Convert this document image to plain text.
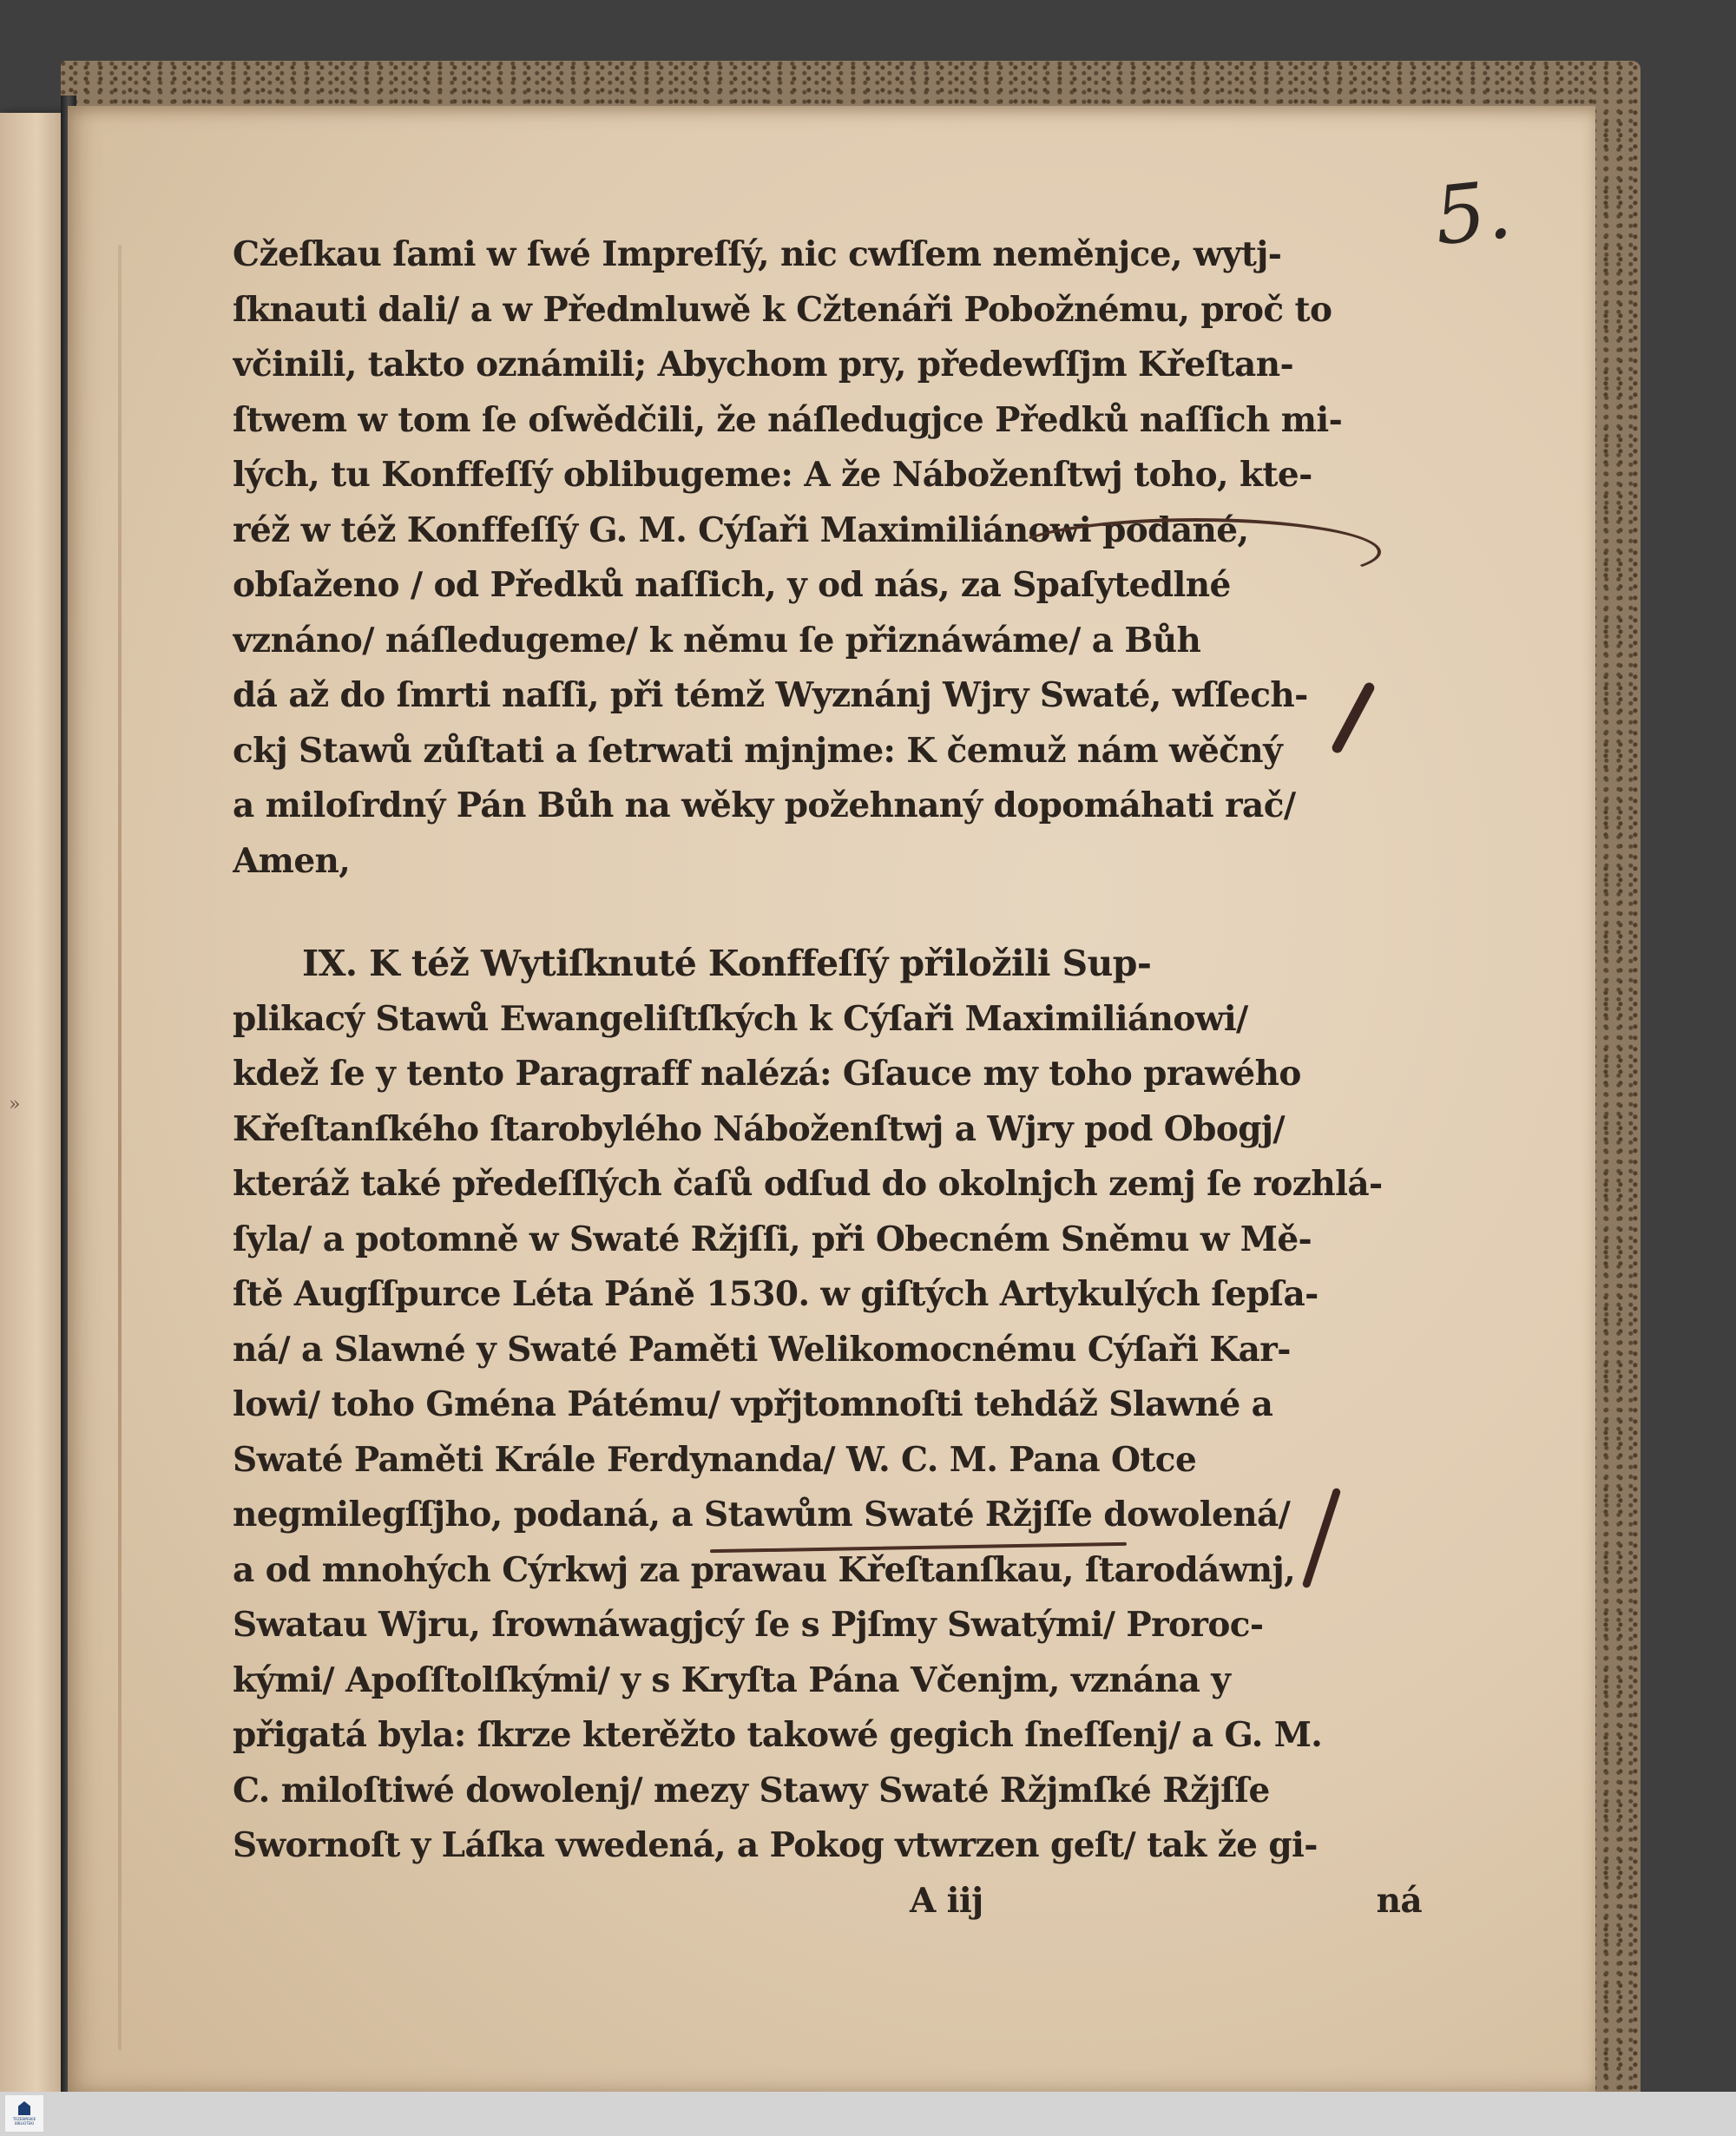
»
5.
Cžeſkau ſami w ſwé Impreſſý, nic cwſſem neměnjce, wytj-
ſknauti dali/ a w Předmluwě k Cžtenáři Pobožnému, proč to
včinili, takto oznámili; Abychom pry, předewſſjm Křeſtan-
ſtwem w tom ſe oſwědčili, že náſledugjce Předků naſſich mi-
lých, tu Konffeſſý oblibugeme: A že Náboženſtwj toho, kte-
réž w též Konffeſſý G. M. Cýſaři Maximiliánowi podané,
obſaženo / od Předků naſſich, y od nás, za Spaſytedlné
vznáno/ náſledugeme/ k němu ſe přiznáwáme/ a Bůh
dá až do ſmrti naſſi, při témž Wyznánj Wjry Swaté, wſſech-
ckj Stawů zůſtati a ſetrwati mjnjme: K čemuž nám wěčný
a miloſrdný Pán Bůh na wěky požehnaný dopomáhati rač/
Amen,
IX. K též Wytiſknuté Konffeſſý přiložili Sup-
plikacý Stawů Ewangeliſtſkých k Cýſaři Maximiliánowi/
kdež ſe y tento Paragraff nalézá: Gſauce my toho prawého
Křeſtanſkého ſtarobylého Náboženſtwj a Wjry pod Obogj/
kteráž také předeſſlých čaſů odſud do okolnjch zemj ſe rozhlá-
ſyla/ a potomně w Swaté Ržjſſi, při Obecném Sněmu w Mě-
ſtě Augſſpurce Léta Páně 1530. w giſtých Artykulých ſepſa-
ná/ a Slawné y Swaté Paměti Welikomocnému Cýſaři Kar-
lowi/ toho Gména Pátému/ vpřjtomnoſti tehdáž Slawné a
Swaté Paměti Krále Ferdynanda/ W. C. M. Pana Otce
negmilegſſjho, podaná, a Stawům Swaté Ržjſſe dowolená/
a od mnohých Cýrkwj za prawau Křeſtanſkau, ſtarodáwnj,
Swatau Wjru, ſrownáwagjcý ſe s Pjſmy Swatými/ Proroc-
kými/ Apoſſtolſkými/ y s Kryſta Pána Včenjm, vznána y
přigatá byla: ſkrze kterěžto takowé gegich ſneſſenj/ a G. M.
C. miloſtiwé dowolenj/ mezy Stawy Swaté Ržjmſké Ržjſſe
Swornoſt y Láſka vwedená, a Pokog vtwrzen geſt/ tak že gi-
A iij	ná
TRZEBIŃSKIE BIBLIOTEKI
